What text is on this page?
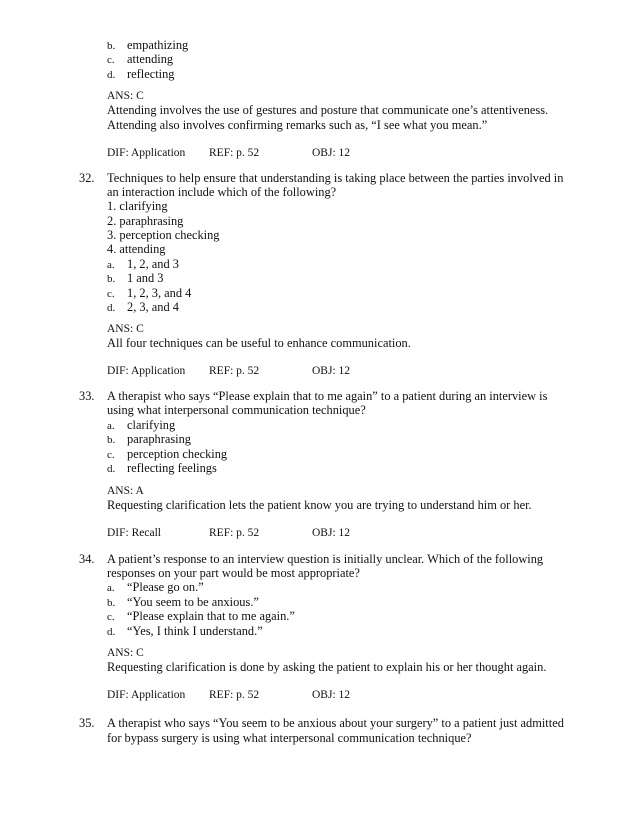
b. empathizing
c. attending
d. reflecting
ANS: C
Attending involves the use of gestures and posture that communicate one’s attentiveness.
Attending also involves confirming remarks such as, “I see what you mean.”
DIF: Application REF: p. 52	OBJ: 12
32. Techniques to help ensure that understanding is taking place between the parties involved in
an interaction include which of the following?
1. clarifying
2. paraphrasing
3. perception checking
4. attending
a. 1, 2, and 3
b. 1 and 3
c. 1, 2, 3, and 4
d. 2, 3, and 4
ANS: C
All four techniques can be useful to enhance communication.
DIF: Application REF: p. 52	OBJ: 12
33. A therapist who says “Please explain that to me again” to a patient during an interview is
using what interpersonal communication technique?
a. clarifying
b. paraphrasing
c. perception checking
d. reflecting feelings
ANS: A
Requesting clarification lets the patient know you are trying to understand him or her.
DIF: Recall	REF: p. 52	OBJ: 12
34. A patient’s response to an interview question is initially unclear. Which of the following
responses on your part would be most appropriate?
a. “Please go on.”
b. “You seem to be anxious.”
c. “Please explain that to me again.”
d. “Yes, I think I understand.”
ANS: C
Requesting clarification is done by asking the patient to explain his or her thought again.
DIF: Application REF: p. 52	OBJ: 12
35. A therapist who says “You seem to be anxious about your surgery” to a patient just admitted
for bypass surgery is using what interpersonal communication technique?
